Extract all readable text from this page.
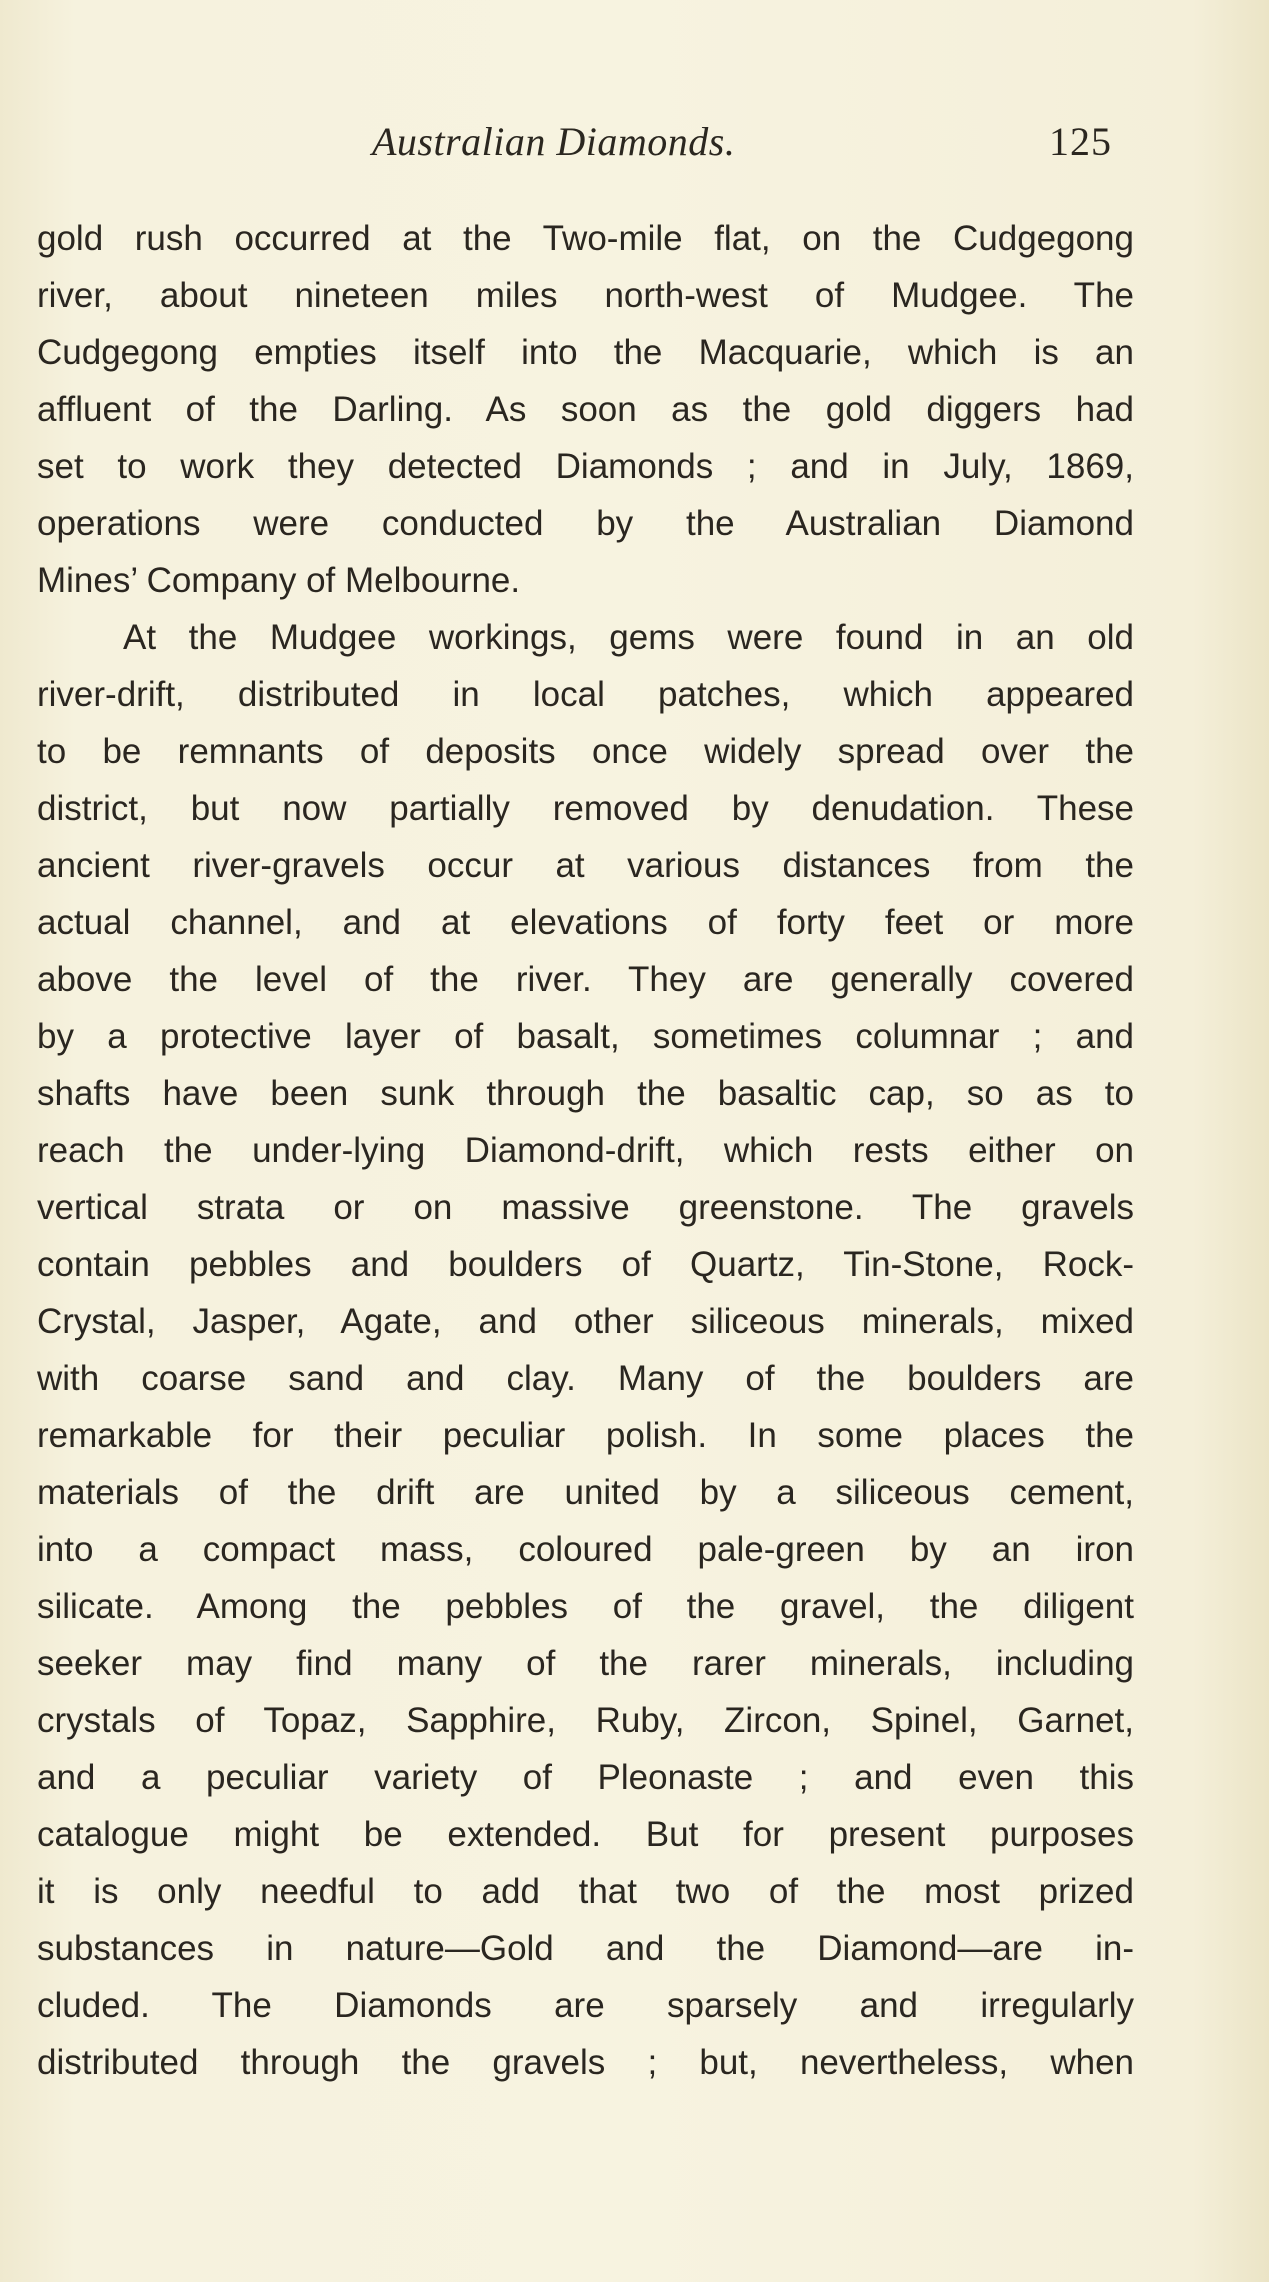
Australian Diamonds.	125
gold rush occurred at the Two-mile flat, on the Cudgegong
river, about nineteen miles north-west of Mudgee. The
Cudgegong empties itself into the Macquarie, which is an
affluent of the Darling. As soon as the gold diggers had
set to work they detected Diamonds ; and in July, 1869,
operations were conducted by the Australian Diamond
Mines’ Company of Melbourne.
At the Mudgee workings, gems were found in an old
river-drift, distributed in local patches, which appeared
to be remnants of deposits once widely spread over the
district, but now partially removed by denudation. These
ancient river-gravels occur at various distances from the
actual channel, and at elevations of forty feet or more
above the level of the river. They are generally covered
by a protective layer of basalt, sometimes columnar ; and
shafts have been sunk through the basaltic cap, so as to
reach the under-lying Diamond-drift, which rests either on
vertical strata or on massive greenstone. The gravels
contain pebbles and boulders of Quartz, Tin-Stone, Rock-
Crystal, Jasper, Agate, and other siliceous minerals, mixed
with coarse sand and clay. Many of the boulders are
remarkable for their peculiar polish. In some places the
materials of the drift are united by a siliceous cement,
into a compact mass, coloured pale-green by an iron
silicate. Among the pebbles of the gravel, the diligent
seeker may find many of the rarer minerals, including
crystals of Topaz, Sapphire, Ruby, Zircon, Spinel, Garnet,
and a peculiar variety of Pleonaste ; and even this
catalogue might be extended. But for present purposes
it is only needful to add that two of the most prized
substances in nature—Gold and the Diamond—are in-
cluded. The Diamonds are sparsely and irregularly
distributed through the gravels ; but, nevertheless, when
